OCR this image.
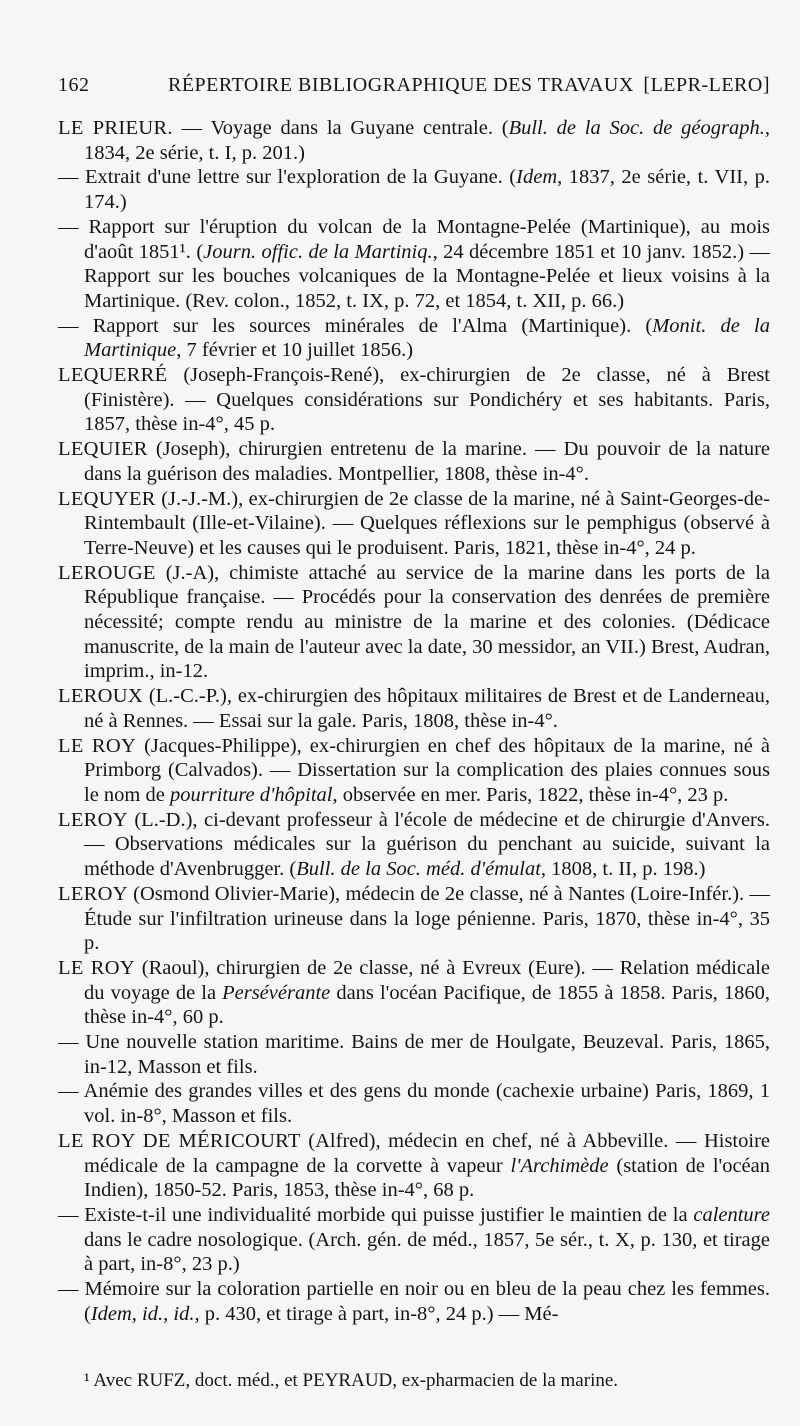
162	RÉPERTOIRE BIBLIOGRAPHIQUE DES TRAVAUX [LEPR-LERO]

LE PRIEUR. — Voyage dans la Guyane centrale. (Bull. de la Soc. de géograph., 1834, 2e série, t. I, p. 201.)

— Extrait d'une lettre sur l'exploration de la Guyane. (Idem, 1837, 2e série, t. VII, p. 174.)

— Rapport sur l'éruption du volcan de la Montagne-Pelée (Martinique), au mois d'août 1851¹. (Journ. offic. de la Martiniq., 24 décembre 1851 et 10 janv. 1852.) — Rapport sur les bouches volcaniques de la Montagne-Pelée et lieux voisins à la Martinique. (Rev. colon., 1852, t. IX, p. 72, et 1854, t. XII, p. 66.)

— Rapport sur les sources minérales de l'Alma (Martinique). (Monit. de la Martinique, 7 février et 10 juillet 1856.)

LEQUERRÉ (Joseph-François-René), ex-chirurgien de 2e classe, né à Brest (Finistère). — Quelques considérations sur Pondichéry et ses habitants. Paris, 1857, thèse in-4°, 45 p.

LEQUIER (Joseph), chirurgien entretenu de la marine. — Du pouvoir de la nature dans la guérison des maladies. Montpellier, 1808, thèse in-4°.

LEQUYER (J.-J.-M.), ex-chirurgien de 2e classe de la marine, né à Saint-Georges-de-Rintembault (Ille-et-Vilaine). — Quelques réflexions sur le pemphigus (observé à Terre-Neuve) et les causes qui le produisent. Paris, 1821, thèse in-4°, 24 p.

LEROUGE (J.-A), chimiste attaché au service de la marine dans les ports de la République française. — Procédés pour la conservation des denrées de première nécessité; compte rendu au ministre de la marine et des colonies. (Dédicace manuscrite, de la main de l'auteur avec la date, 30 messidor, an VII.) Brest, Audran, imprim., in-12.

LEROUX (L.-C.-P.), ex-chirurgien des hôpitaux militaires de Brest et de Landerneau, né à Rennes. — Essai sur la gale. Paris, 1808, thèse in-4°.

LE ROY (Jacques-Philippe), ex-chirurgien en chef des hôpitaux de la marine, né à Primborg (Calvados). — Dissertation sur la complication des plaies connues sous le nom de pourriture d'hôpital, observée en mer. Paris, 1822, thèse in-4°, 23 p.

LEROY (L.-D.), ci-devant professeur à l'école de médecine et de chirurgie d'Anvers. — Observations médicales sur la guérison du penchant au suicide, suivant la méthode d'Avenbrugger. (Bull. de la Soc. méd. d'émulat, 1808, t. II, p. 198.)

LEROY (Osmond Olivier-Marie), médecin de 2e classe, né à Nantes (Loire-Infér.). — Étude sur l'infiltration urineuse dans la loge pénienne. Paris, 1870, thèse in-4°, 35 p.

LE ROY (Raoul), chirurgien de 2e classe, né à Evreux (Eure). — Relation médicale du voyage de la Persévérante dans l'océan Pacifique, de 1855 à 1858. Paris, 1860, thèse in-4°, 60 p.

— Une nouvelle station maritime. Bains de mer de Houlgate, Beuzeval. Paris, 1865, in-12, Masson et fils.

— Anémie des grandes villes et des gens du monde (cachexie urbaine) Paris, 1869, 1 vol. in-8°, Masson et fils.

LE ROY DE MÉRICOURT (Alfred), médecin en chef, né à Abbeville. — Histoire médicale de la campagne de la corvette à vapeur l'Archimède (station de l'océan Indien), 1850-52. Paris, 1853, thèse in-4°, 68 p.

— Existe-t-il une individualité morbide qui puisse justifier le maintien de la calenture dans le cadre nosologique. (Arch. gén. de méd., 1857, 5e sér., t. X, p. 130, et tirage à part, in-8°, 23 p.)

— Mémoire sur la coloration partielle en noir ou en bleu de la peau chez les femmes. (Idem, id., id., p. 430, et tirage à part, in-8°, 24 p.) — Mé-

¹ Avec RUFZ, doct. méd., et PEYRAUD, ex-pharmacien de la marine.
